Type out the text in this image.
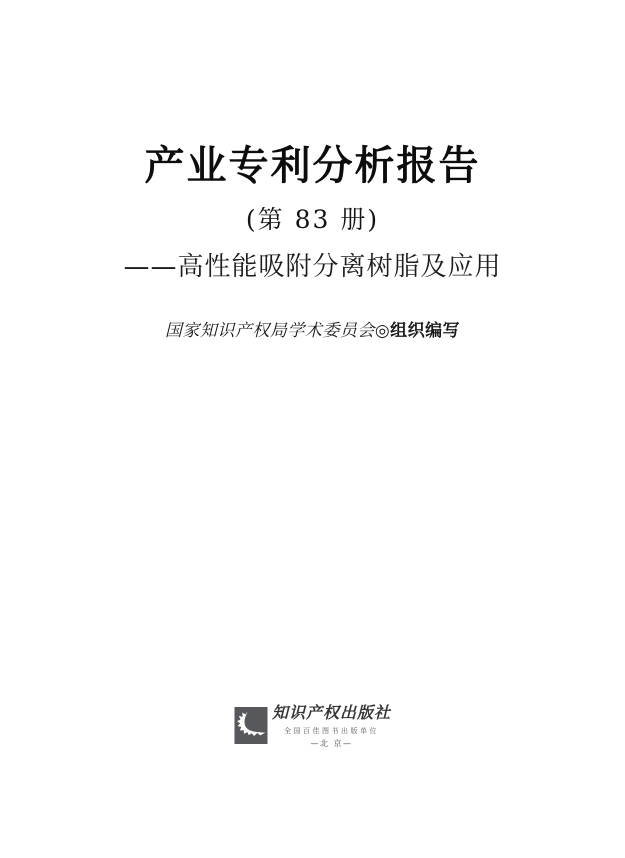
产业专利分析报告
(第 83 册)
——高性能吸附分离树脂及应用
国家知识产权局学术委员会◎组织编写
知识产权出版社
全国百佳图书出版单位
—北 京—
